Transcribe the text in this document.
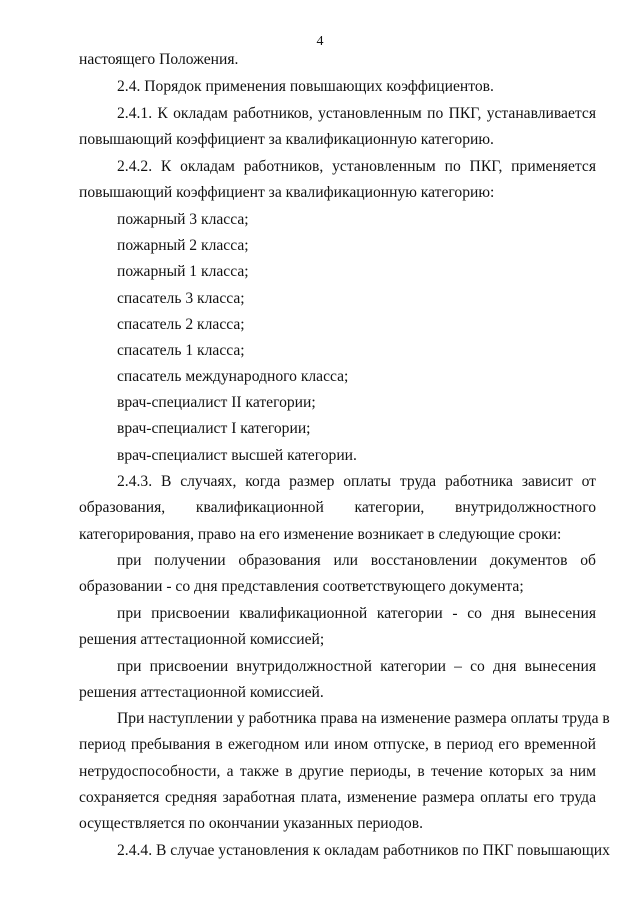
4
настоящего Положения.
2.4. Порядок применения повышающих коэффициентов.
2.4.1. К окладам работников, установленным по ПКГ, устанавливается
повышающий коэффициент за квалификационную категорию.
2.4.2. К окладам работников, установленным по ПКГ, применяется
повышающий коэффициент за квалификационную категорию:
пожарный 3 класса;
пожарный 2 класса;
пожарный 1 класса;
спасатель 3 класса;
спасатель 2 класса;
спасатель 1 класса;
спасатель международного класса;
врач-специалист II категории;
врач-специалист I категории;
врач-специалист высшей категории.
2.4.3. В случаях, когда размер оплаты труда работника зависит от
образования, квалификационной категории, внутридолжностного
категорирования, право на его изменение возникает в следующие сроки:
при получении образования или восстановлении документов об
образовании - со дня представления соответствующего документа;
при присвоении квалификационной категории - со дня вынесения
решения аттестационной комиссией;
при присвоении внутридолжностной категории – со дня вынесения
решения аттестационной комиссией.
При наступлении у работника права на изменение размера оплаты труда в
период пребывания в ежегодном или ином отпуске, в период его временной
нетрудоспособности, а также в другие периоды, в течение которых за ним
сохраняется средняя заработная плата, изменение размера оплаты его труда
осуществляется по окончании указанных периодов.
2.4.4. В случае установления к окладам работников по ПКГ повышающих
